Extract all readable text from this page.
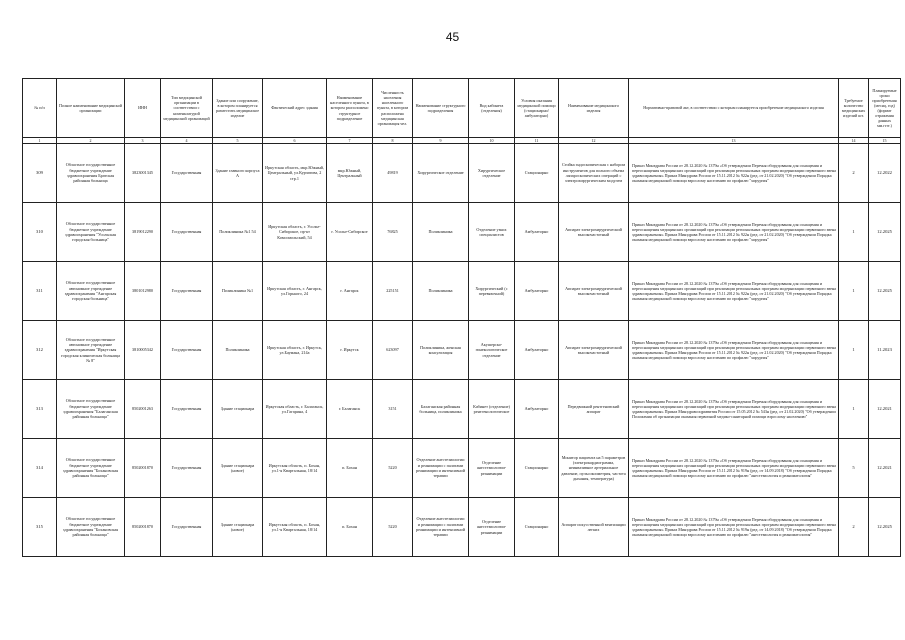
45
№ п/п	Полное наименование медицинской организации	ИНН	Тип медицинской организации в соответствии с номенклатурой медицинский организаций	Здание или сооружение, в котором планируется разместить медицинское изделие	Фактический адрес здания	Наименование населенного пункта, в котором расположено структурное подразделение	Численность населения населенного пункта, в котором расположена медицинская организация чел.	Наименование структурного подразделения	Вид кабинета (отделения)	Условия оказания медицинской помощи (стационарно/амбулаторно)	Наименование медицинского изделия	Нормативно-правовой акт, в соответствии с которым планируется приобретение медицинского изделия	Требуемое количество медицинских изделий шт.	Планируемые сроки приобретения (месяц, год) (формат отражения данных мм.гггг.)
1	2	3	4	5	6	7	8	9	10	11	12	13	14	15
309	Областное государственное бюджетное учреждение здравоохранения Братская районная больница	3823001345	Государственная	Здание главного корпуса А	Иркутская область, мкр.Южный, Центральный, ул.Курчатова, 2 стр.1	мкр.Южный, Центральный	49819	Хирургическое отделение	Хирургическое отделение	Стационарно	Стойка эндоскопическая с набором инструментов для полного объема лапароскопических операций с электрохирургическим модулем	Приказ Минздрава России от 28.12.2020 № 1379н «Об утверждении Перечня оборудования для оснащения и переоснащения медицинских организаций при реализации региональных программ модернизации первичного звена здравоохранения» Приказ Минздрава России от 15.11.2012 № 922н (ред. от 21.02.2020) "Об утверждении Порядка оказания медицинской помощи взрослому населению по профилю "хирургия"	2	12.2022
310	Областное государственное бюджетное учреждение здравоохранения "Усольская городская больница"	3819012290	Государственная	Поликлиника №1 54	Иркутская область, г. Усолье-Сибирское, пр-кт Комсомольский, 54	г. Усолье-Сибирское	76825	Поликлиника	Отделение узких специалистов	Амбулаторно	Аппарат электрохирургический высокочастотный	Приказ Минздрава России от 28.12.2020 № 1379н «Об утверждении Перечня оборудования для оснащения и переоснащения медицинских организаций при реализации региональных программ модернизации первичного звена здравоохранения» Приказ Минздрава России от 15.11.2012 № 922н (ред. от 21.02.2020) "Об утверждении Порядка оказания медицинской помощи взрослому населению по профилю "хирургия"	1	12.2025
311	Областное государственное автономное учреждение здравоохранения "Ангарская городская больница"	3801012980	Государственная	Поликлиника №1	Иркутская область, г. Ангарск, ул.Горького, 24	г. Ангарск	225151	Поликлиника	Хирургический (с перевязочной)	Амбулаторно	Аппарат электрохирургический высокочастотный	Приказ Минздрава России от 28.12.2020 № 1379н «Об утверждении Перечня оборудования для оснащения и переоснащения медицинских организаций при реализации региональных программ модернизации первичного звена здравоохранения» Приказ Минздрава России от 15.11.2012 № 922н (ред. от 21.02.2020) "Об утверждении Порядка оказания медицинской помощи взрослому населению по профилю "хирургия"	1	12.2025
312	Областное государственное автономное учреждение здравоохранения "Иркутская городская клиническая больница № 8"	3810005342	Государственная	Поликлиника	Иркутская область, г. Иркутск, ул.Баумана, 214а	г. Иркутск	623097	Поликлиника, женская консультация	Акушерско-гинекологическое отделение	Амбулаторно	Аппарат электрохирургический высокочастотный	Приказ Минздрава России от 28.12.2020 № 1379н «Об утверждении Перечня оборудования для оснащения и переоснащения медицинских организаций при реализации региональных программ модернизации первичного звена здравоохранения» Приказ Минздрава России от 15.11.2012 № 922н (ред. от 21.02.2020) "Об утверждении Порядка оказания медицинской помощи взрослому населению по профилю "хирургия"	1	11.2023
313	Областное государственное бюджетное учреждение здравоохранения "Балаганская районная больница"	8502001263	Государственная	Здание стационара	Иркутская область, г. Балаганск, ул.Гагарина, 4	г. Балаганск	3151	Балаганская районная больница, поликлиника	Кабинет (отделение) рентгенологическое	Амбулаторно	Передвижной рентгеновский аппарат	Приказ Минздрава России от 28.12.2020 № 1379н «Об утверждении Перечня оборудования для оснащения и переоснащения медицинских организаций при реализации региональных программ модернизации первичного звена здравоохранения» Приказ Минздравсоцразвития России от 15.05.2012 № 543н (ред. от 21.02.2020) "Об утверждении Положения об организации оказания первичной медико-санитарной помощи взрослому населению"	1	12.2021
314	Областное государственное бюджетное учреждение здравоохранения "Бохановская районная больница"	8502001870	Государственная	Здание стационара (новое)	Иркутская область, п. Бохан, ул.1-я Квартальная, 18/14	п. Бохан	5220	Отделение анестезиологии и реанимации с палатами реанимации и интенсивной терапии	Отделение анестезиологии-реанимации	Стационарно	Монитор пациента на 5 параметров (электрокардиограмма, неинвазивное артериальное давление, пульсоксиметрия, частота дыхания, температура)	Приказ Минздрава России от 28.12.2020 № 1379н «Об утверждении Перечня оборудования для оснащения и переоснащения медицинских организаций при реализации региональных программ модернизации первичного звена здравоохранения» Приказ Минздрава России от 15.11.2012 № 919н (ред. от 14.09.2018) "Об утверждении Порядка оказания медицинской помощи взрослому населению по профилю "анестезиология и реаниматология"	5	12.2021
315	Областное государственное бюджетное учреждение здравоохранения "Бохановская районная больница"	8502001870	Государственная	Здание стационара (новое)	Иркутская область, п. Бохан, ул.1-я Квартальная, 18/14	п. Бохан	5220	Отделение анестезиологии и реанимации с палатами реанимации и интенсивной терапии	Отделение анестезиологии-реанимации	Стационарно	Аппарат искусственной вентиляции легких	Приказ Минздрава России от 28.12.2020 № 1379н «Об утверждении Перечня оборудования для оснащения и переоснащения медицинских организаций при реализации региональных программ модернизации первичного звена здравоохранения» Приказ Минздрава России от 15.11.2012 № 919н (ред. от 14.09.2018) "Об утверждении Порядка оказания медицинской помощи взрослому населению по профилю "анестезиология и реаниматология"	2	12.2025
